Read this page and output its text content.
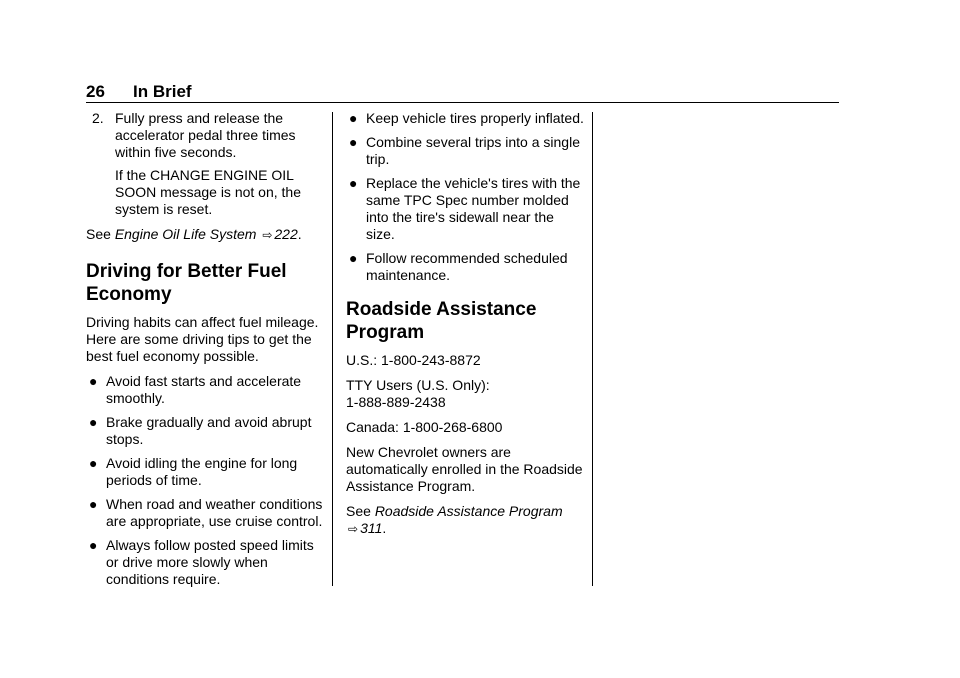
26 In Brief
2. Fully press and release the accelerator pedal three times within five seconds.

If the CHANGE ENGINE OIL SOON message is not on, the system is reset.

See Engine Oil Life System ⇨ 222.

Driving for Better Fuel Economy

Driving habits can affect fuel mileage. Here are some driving tips to get the best fuel economy possible.

● Avoid fast starts and accelerate smoothly.
● Brake gradually and avoid abrupt stops.
● Avoid idling the engine for long periods of time.
● When road and weather conditions are appropriate, use cruise control.
● Always follow posted speed limits or drive more slowly when conditions require.
● Keep vehicle tires properly inflated.
● Combine several trips into a single trip.
● Replace the vehicle's tires with the same TPC Spec number molded into the tire's sidewall near the size.
● Follow recommended scheduled maintenance.
Roadside Assistance Program

U.S.: 1-800-243-8872

TTY Users (U.S. Only):
1-888-889-2438

Canada: 1-800-268-6800

New Chevrolet owners are automatically enrolled in the Roadside Assistance Program.

See Roadside Assistance Program
⇨ 311.
